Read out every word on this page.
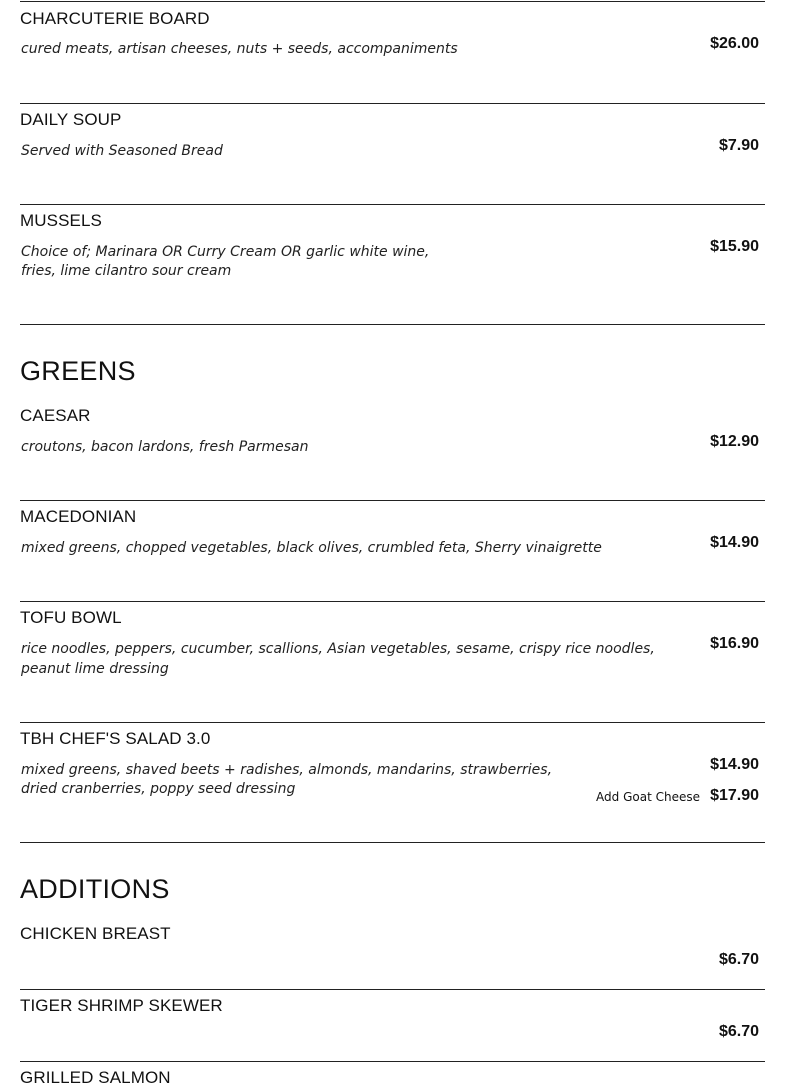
CHARCUTERIE BOARD
cured meats, artisan cheeses, nuts + seeds, accompaniments	$26.00
DAILY SOUP
Served with Seasoned Bread	$7.90
MUSSELS
Choice of; Marinara OR Curry Cream OR garlic white wine,
fries, lime cilantro sour cream
$15.90
GREENS
CAESAR
croutons, bacon lardons, fresh Parmesan	$12.90
MACEDONIAN
mixed greens, chopped vegetables, black olives, crumbled feta, Sherry vinaigrette	$14.90
TOFU BOWL
rice noodles, peppers, cucumber, scallions, Asian vegetables, sesame, crispy rice noodles,
peanut lime dressing
$16.90
TBH CHEF'S SALAD 3.0
mixed greens, shaved beets + radishes, almonds, mandarins, strawberries,
dried cranberries, poppy seed dressing
$14.90
Add Goat Cheese $17.90
ADDITIONS
CHICKEN BREAST
$6.70
TIGER SHRIMP SKEWER
$6.70
GRILLED SALMON
